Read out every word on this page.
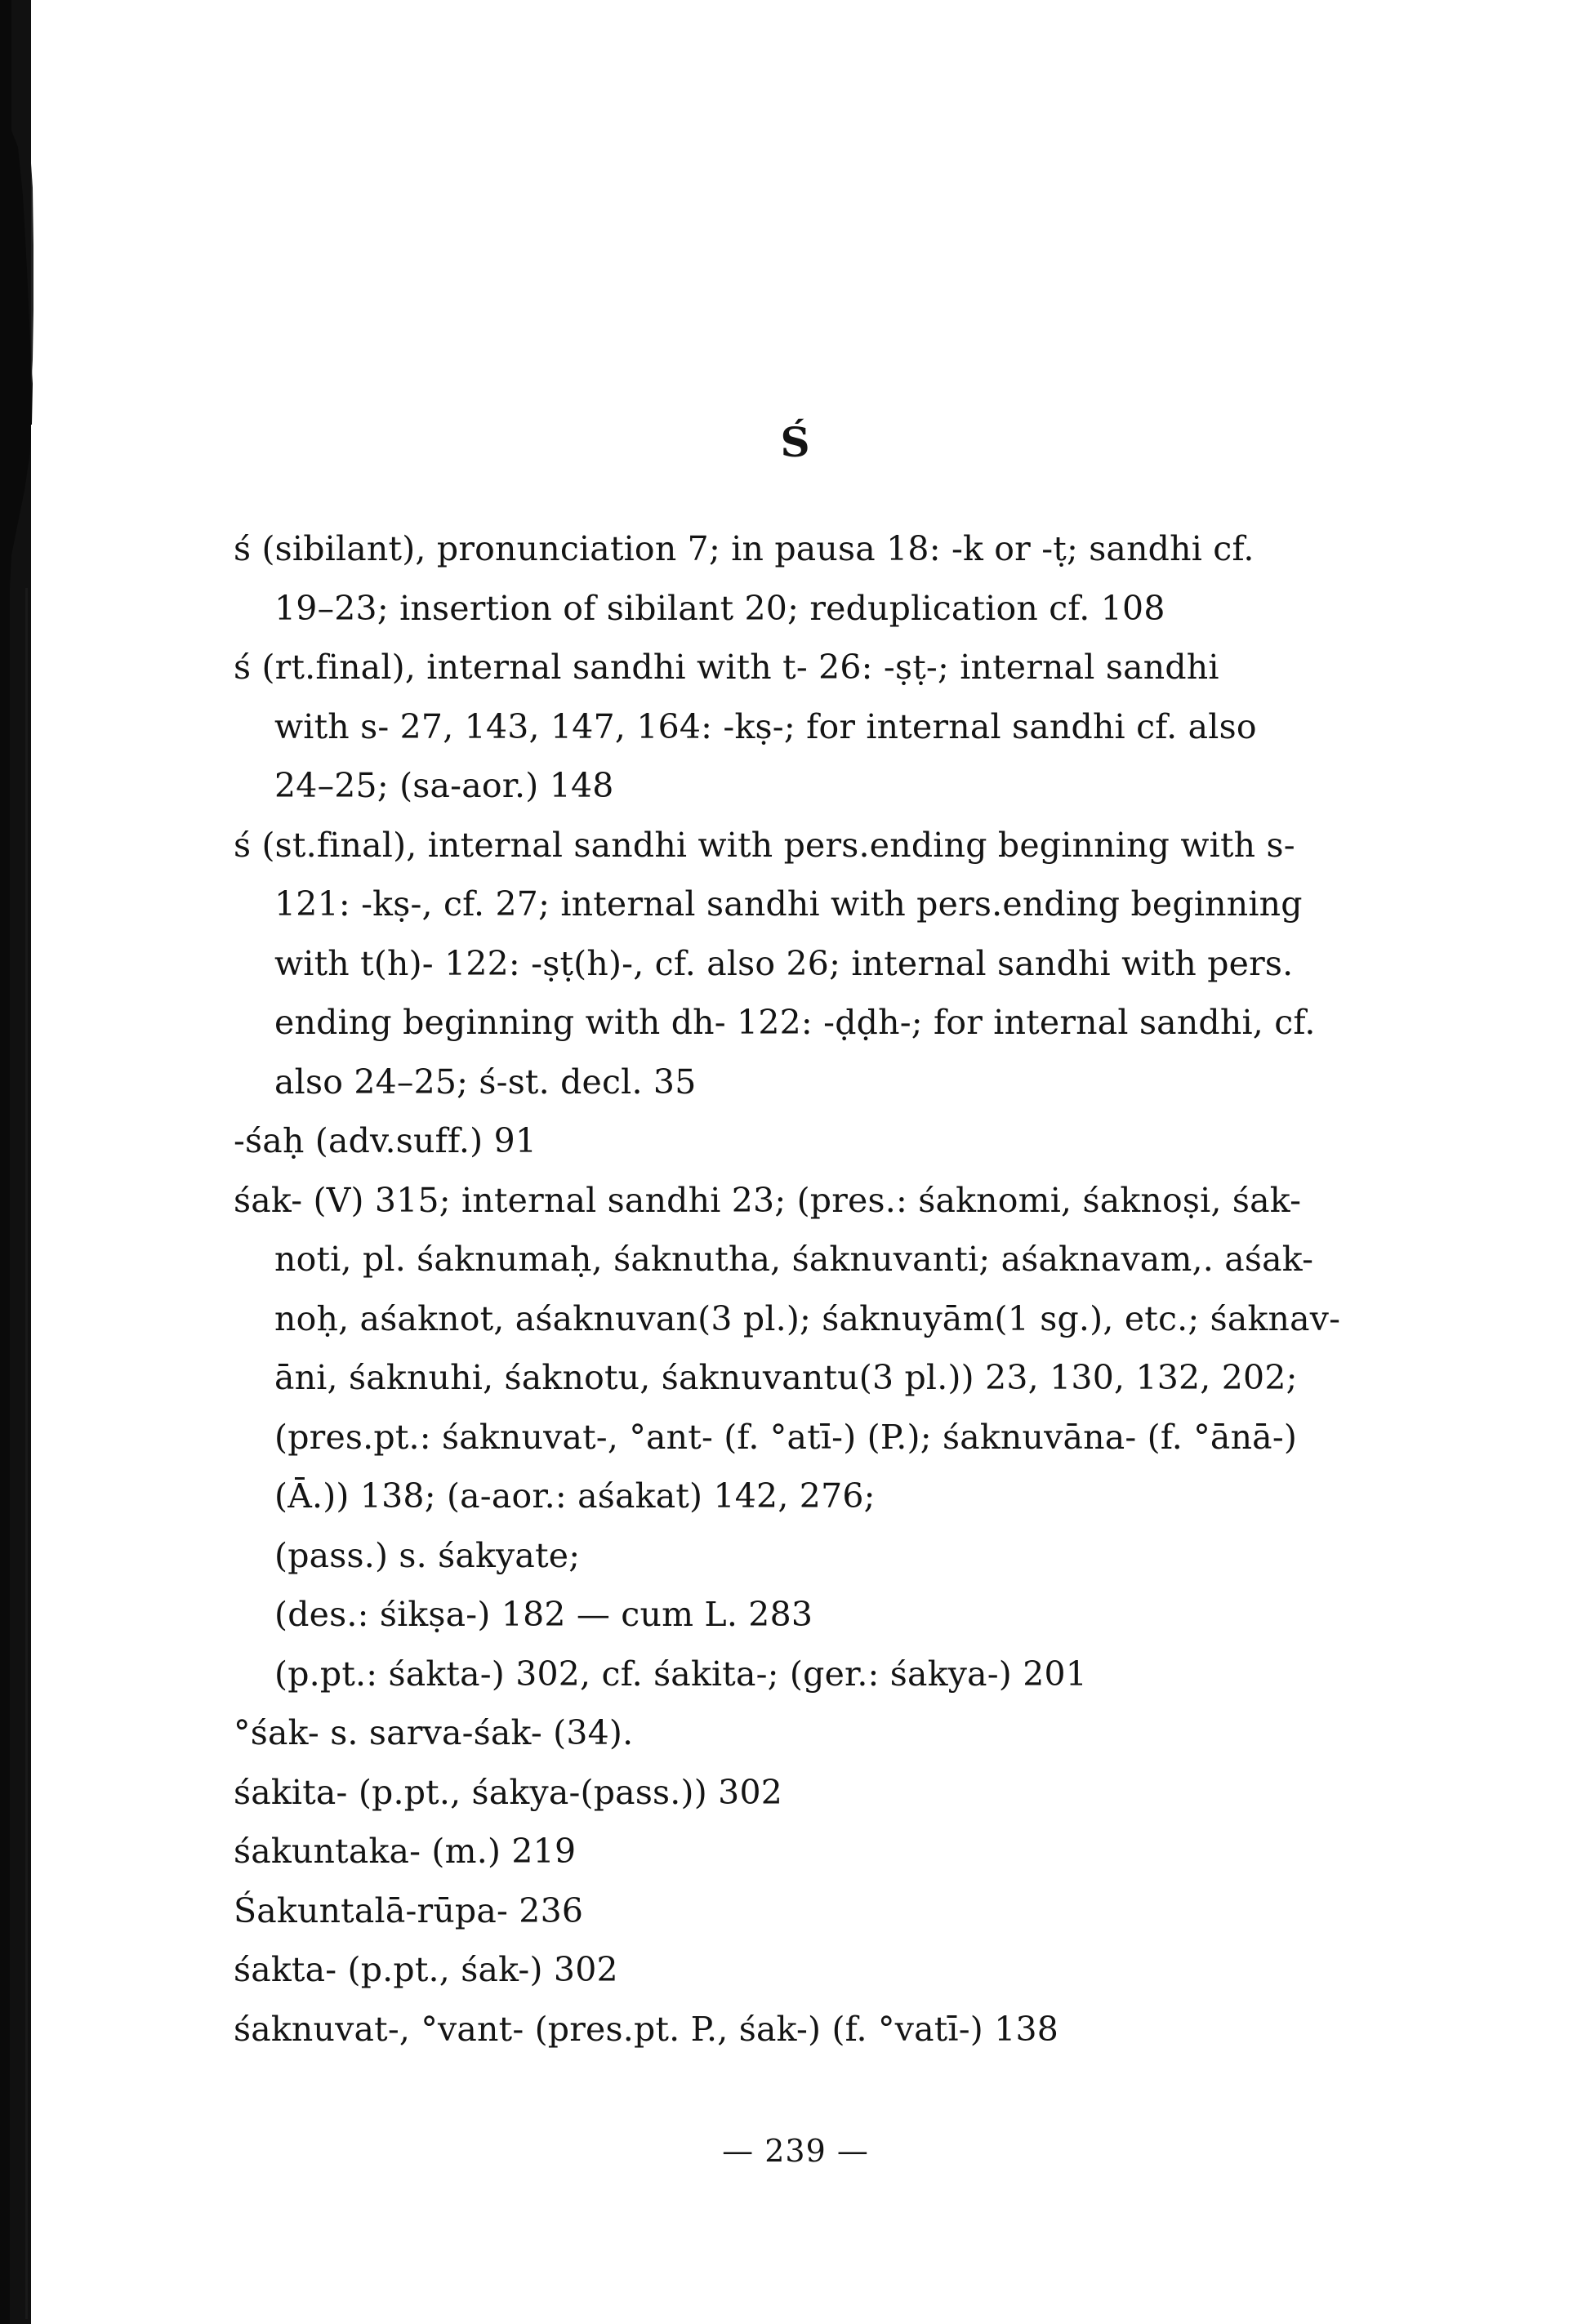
Ś

ś (sibilant), pronunciation 7; in pausa 18: -k or -ṭ; sandhi cf.
19–23; insertion of sibilant 20; reduplication cf. 108

ś (rt.final), internal sandhi with t- 26: -ṣṭ-; internal sandhi
with s- 27, 143, 147, 164: -kṣ-; for internal sandhi cf. also
24–25; (sa-aor.) 148

ś (st.final), internal sandhi with pers.ending beginning with s-
121: -kṣ-, cf. 27; internal sandhi with pers.ending beginning
with t(h)- 122: -ṣṭ(h)-, cf. also 26; internal sandhi with pers.
ending beginning with dh- 122: -ḍḍh-; for internal sandhi, cf.
also 24–25; ś-st. decl. 35

-śaḥ (adv.suff.) 91

śak- (V) 315; internal sandhi 23; (pres.: śaknomi, śaknoṣi, śak-
noti, pl. śaknumaḥ, śaknutha, śaknuvanti; aśaknavam,. aśak-
noḥ, aśaknot, aśaknuvan(3 pl.); śaknuyām(1 sg.), etc.; śaknav-
āni, śaknuhi, śaknotu, śaknuvantu(3 pl.)) 23, 130, 132, 202;
(pres.pt.: śaknuvat-, °ant- (f. °atī-) (P.); śaknuvāna- (f. °ānā-)
(Ā.)) 138; (a-aor.: aśakat) 142, 276;
(pass.) s. śakyate;
(des.: śikṣa-) 182 — cum L. 283
(p.pt.: śakta-) 302, cf. śakita-; (ger.: śakya-) 201

°śak- s. sarva-śak- (34).

śakita- (p.pt., śakya-(pass.)) 302

śakuntaka- (m.) 219

Śakuntalā-rūpa- 236

śakta- (p.pt., śak-) 302

śaknuvat-, °vant- (pres.pt. P., śak-) (f. °vatī-) 138

— 239 —
